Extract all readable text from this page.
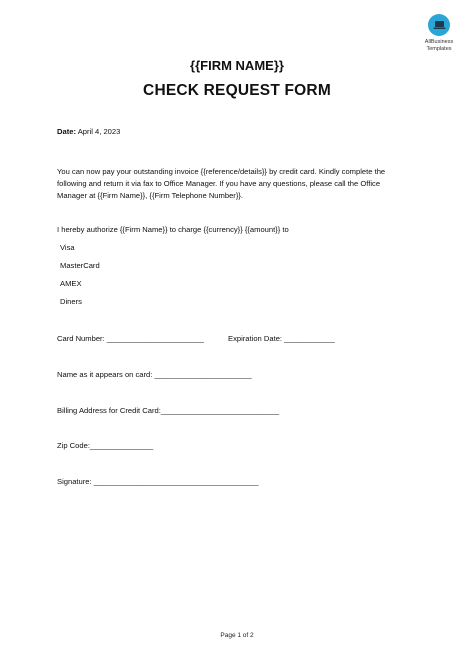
AllBusiness
Templates
{{FIRM NAME}}
CHECK REQUEST FORM
Date: April 4, 2023
You can now pay your outstanding invoice {{reference/details}} by credit card. Kindly complete the
following and return it via fax to Office Manager. If you have any questions, please call the Office
Manager at {{Firm Name}}, {{Firm Telephone Number}}.
I hereby authorize {{Firm Name}} to charge {{currency}} {{amount}} to
Visa
MasterCard
AMEX
Diners
Card Number: _______________________	Expiration Date: ____________
Name as it appears on card: _______________________
Billing Address for Credit Card:____________________________
Zip Code:_______________
Signature: _______________________________________
Page 1 of 2
